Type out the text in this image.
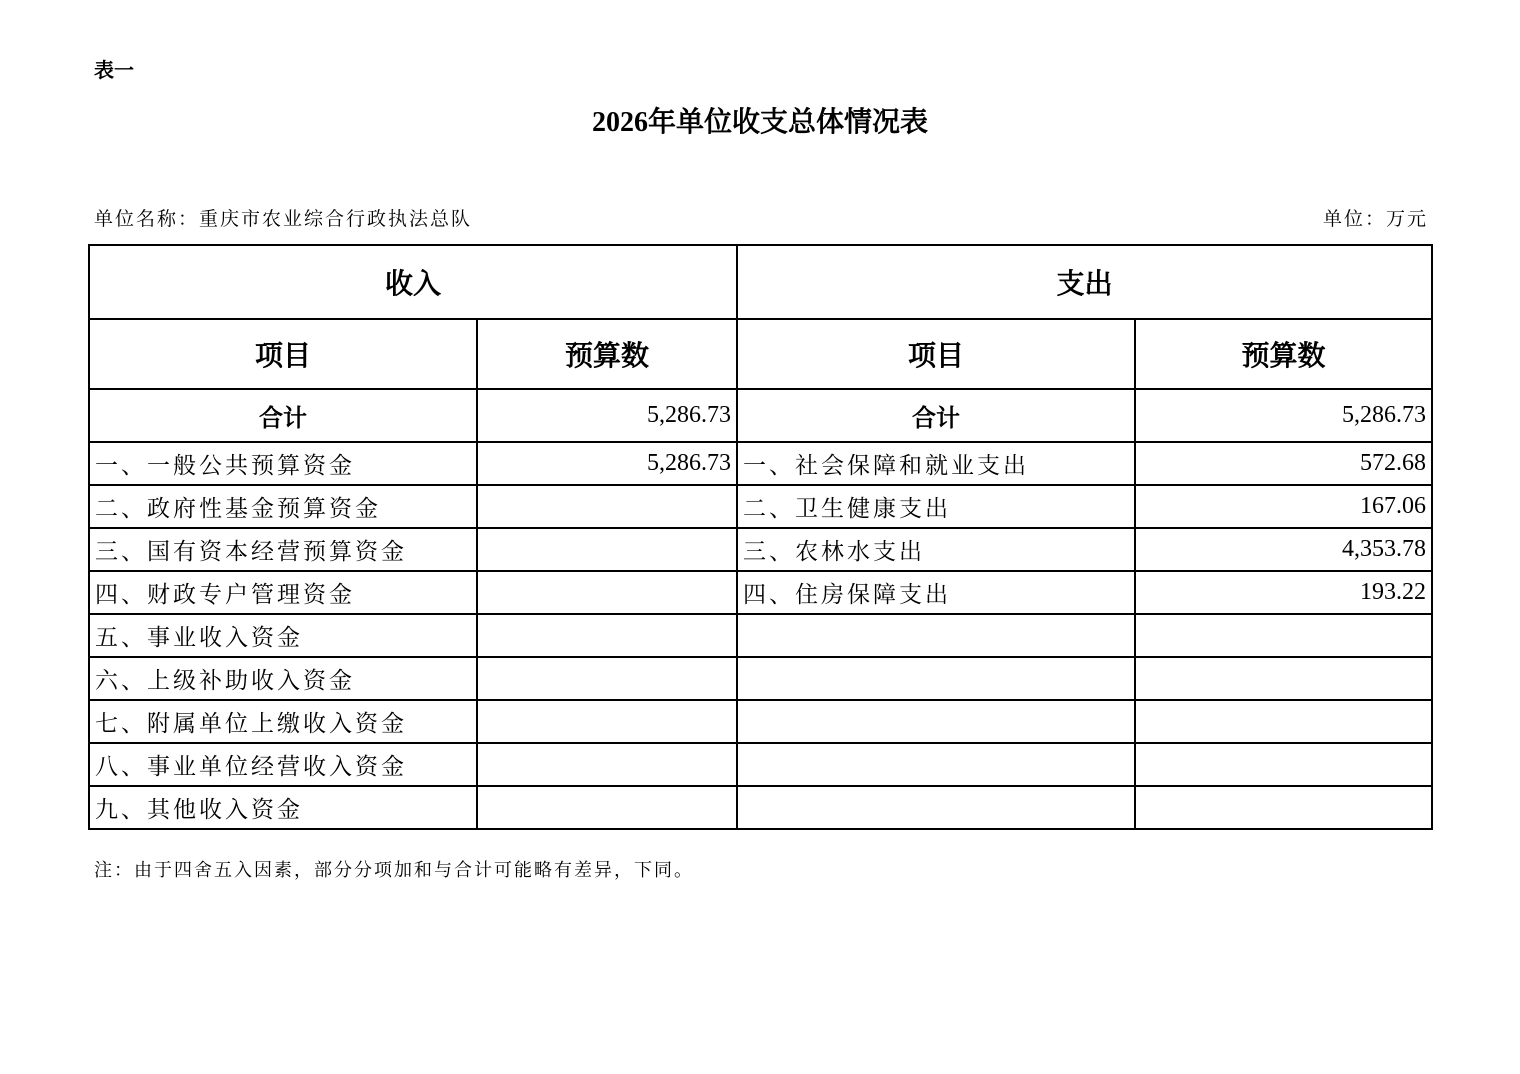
表一
2026年单位收支总体情况表
单位名称：重庆市农业综合行政执法总队	单位：万元
收入		支出	
项目	预算数	项目	预算数
合计	5,286.73	合计	5,286.73
一、一般公共预算资金	5,286.73	一、社会保障和就业支出	572.68
二、政府性基金预算资金		二、卫生健康支出	167.06
三、国有资本经营预算资金		三、农林水支出	4,353.78
四、财政专户管理资金		四、住房保障支出	193.22
五、事业收入资金			
六、上级补助收入资金			
七、附属单位上缴收入资金			
八、事业单位经营收入资金			
九、其他收入资金			
注：由于四舍五入因素，部分分项加和与合计可能略有差异，下同。
